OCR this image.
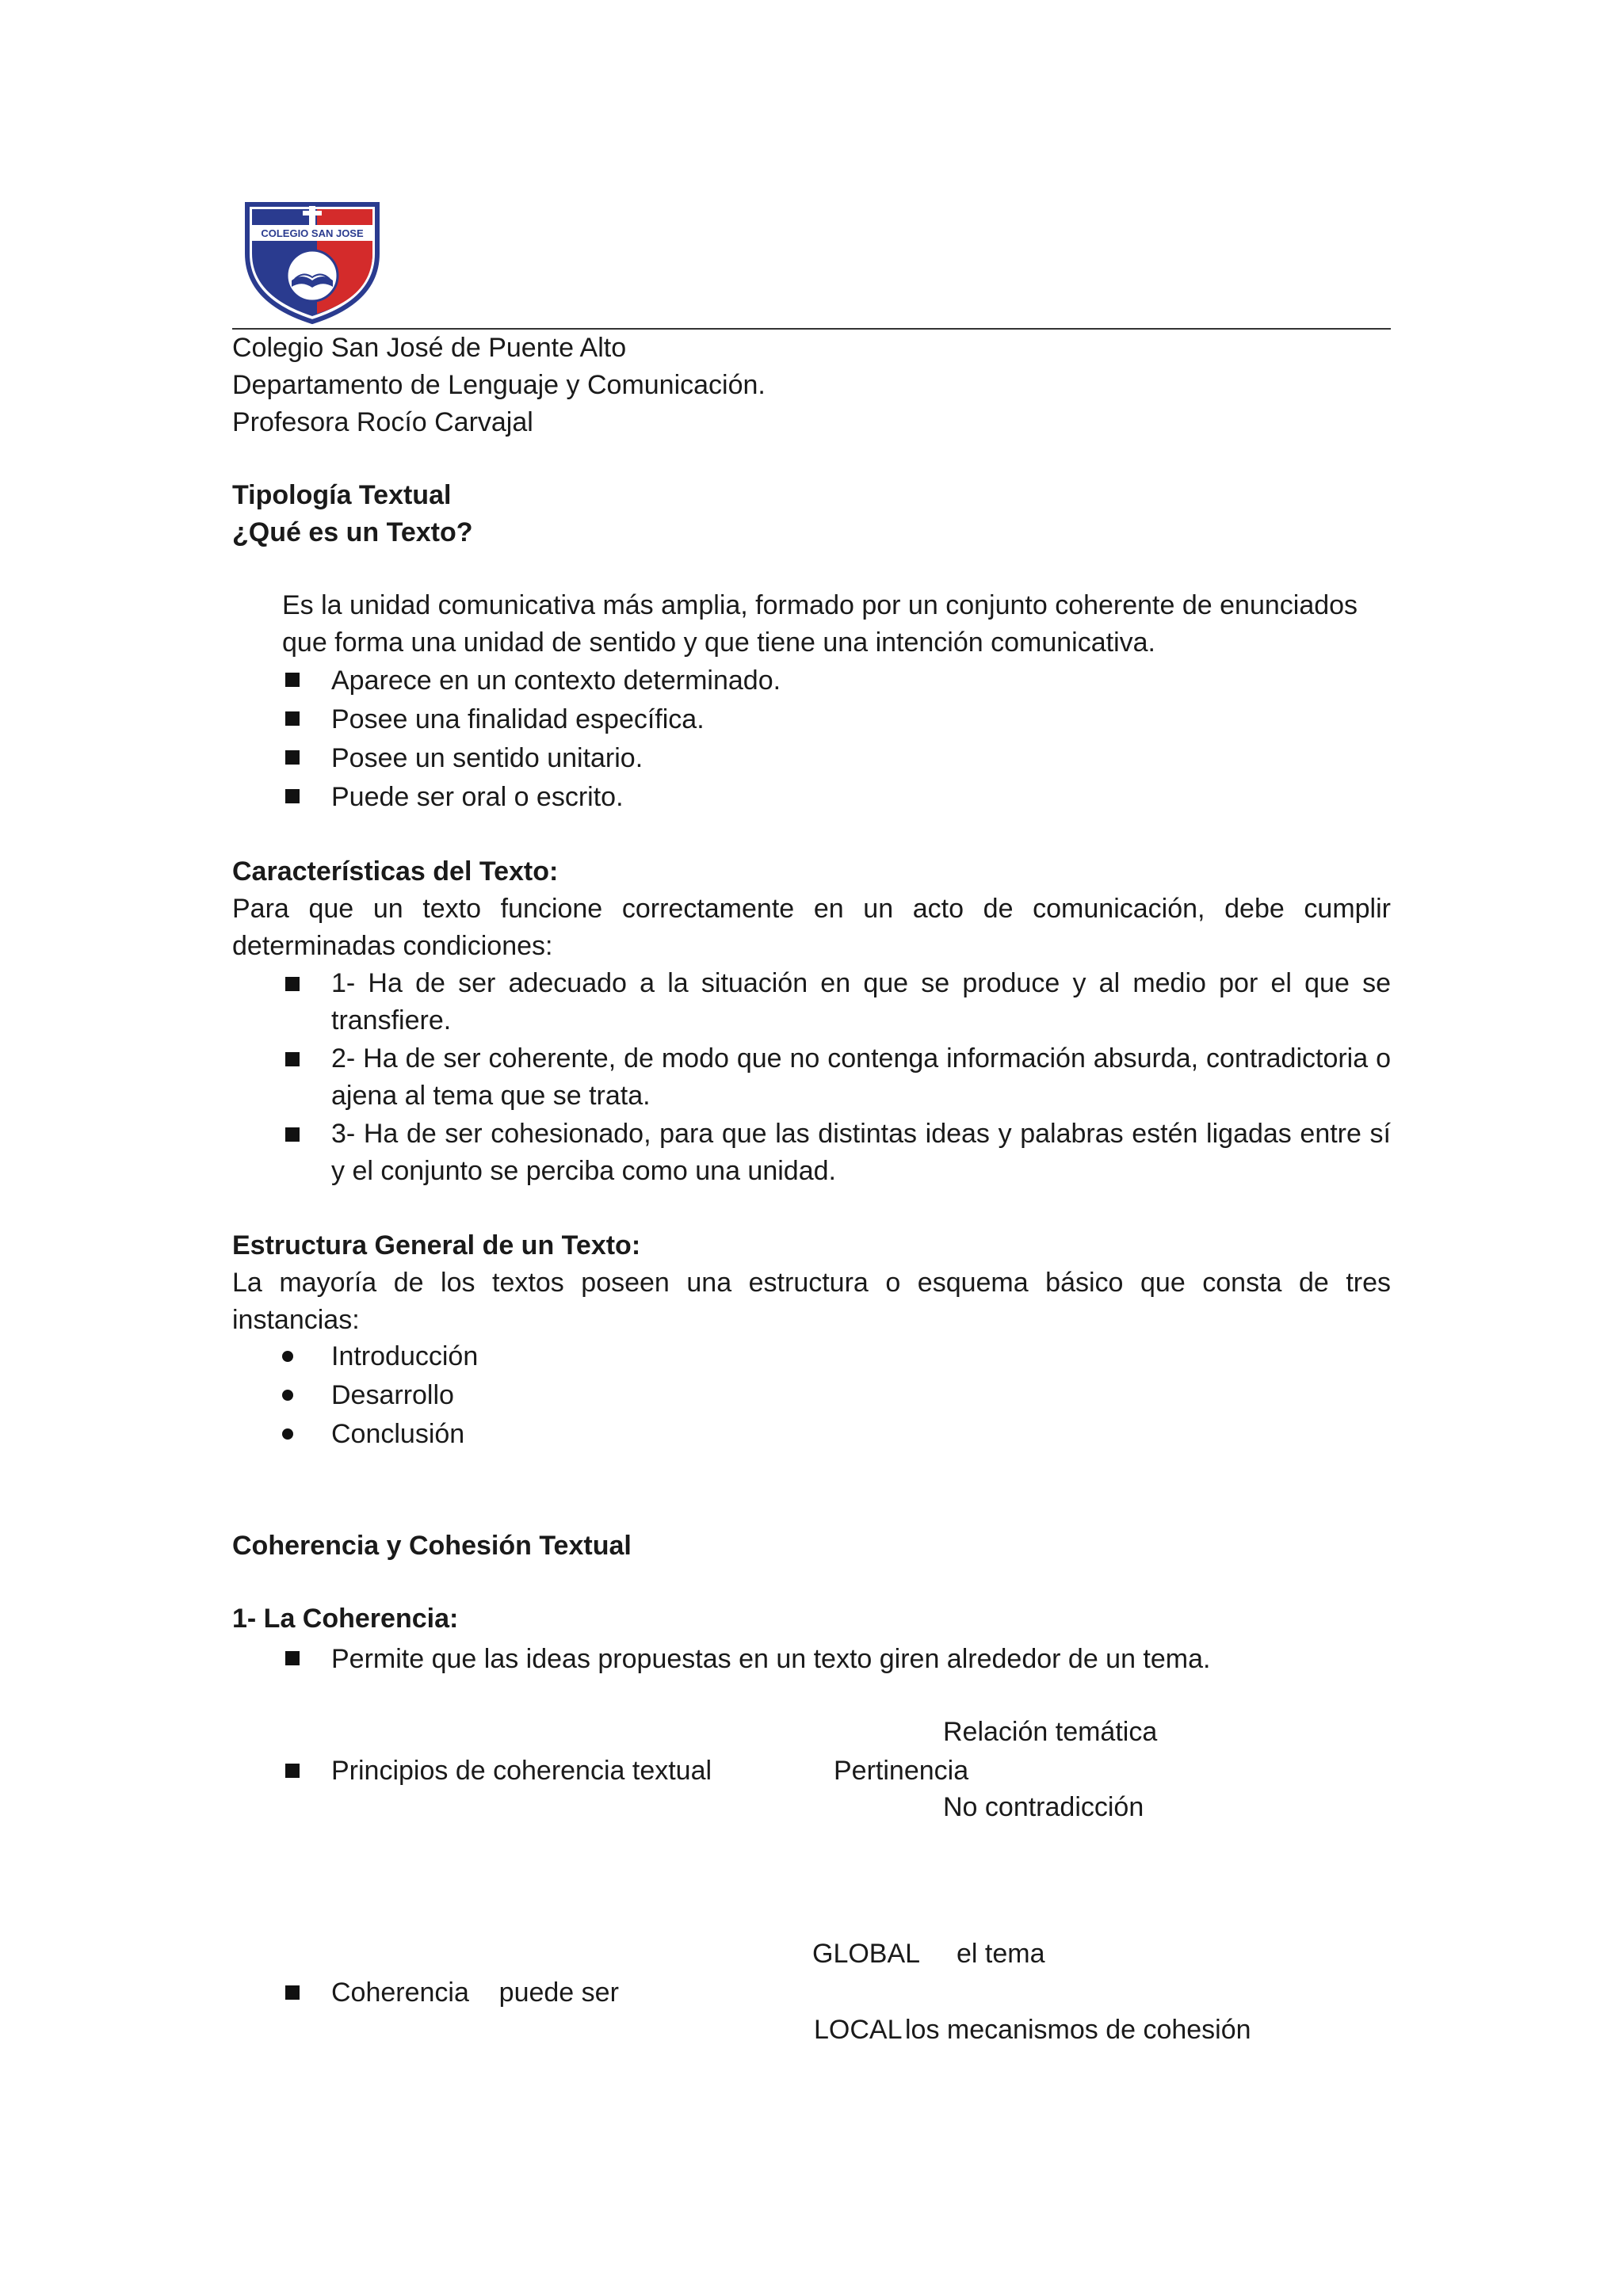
COLEGIO SAN JOSE
Colegio San José de Puente Alto
Departamento de Lenguaje y Comunicación.
Profesora Rocío Carvajal
Tipología Textual
¿Qué es un Texto?
Es la unidad comunicativa más amplia, formado por un conjunto coherente de enunciados que forma una unidad de sentido y que tiene una intención comunicativa.
Aparece en un contexto determinado.
Posee una finalidad específica.
Posee un sentido unitario.
Puede ser oral o escrito.
Características del Texto:
Para que un texto funcione correctamente en un acto de comunicación, debe cumplir determinadas condiciones:
1- Ha de ser adecuado a la situación en que se produce y al medio por el que se transfiere.
2- Ha de ser coherente, de modo que no contenga información absurda, contradictoria o ajena al tema que se trata.
3- Ha de ser cohesionado, para que las distintas ideas y palabras estén ligadas entre sí y el conjunto se perciba como una unidad.
Estructura General de un Texto:
La mayoría de los textos poseen una estructura o esquema básico que consta de tres instancias:
Introducción
Desarrollo
Conclusión
Coherencia y Cohesión Textual
1- La Coherencia:
Permite que las ideas propuestas en un texto giren alrededor de un tema.
Relación temática
Principios de coherencia textual	Pertinencia
No contradicción
GLOBAL el tema
Coherencia    puede ser
LOCAL los mecanismos de cohesión
